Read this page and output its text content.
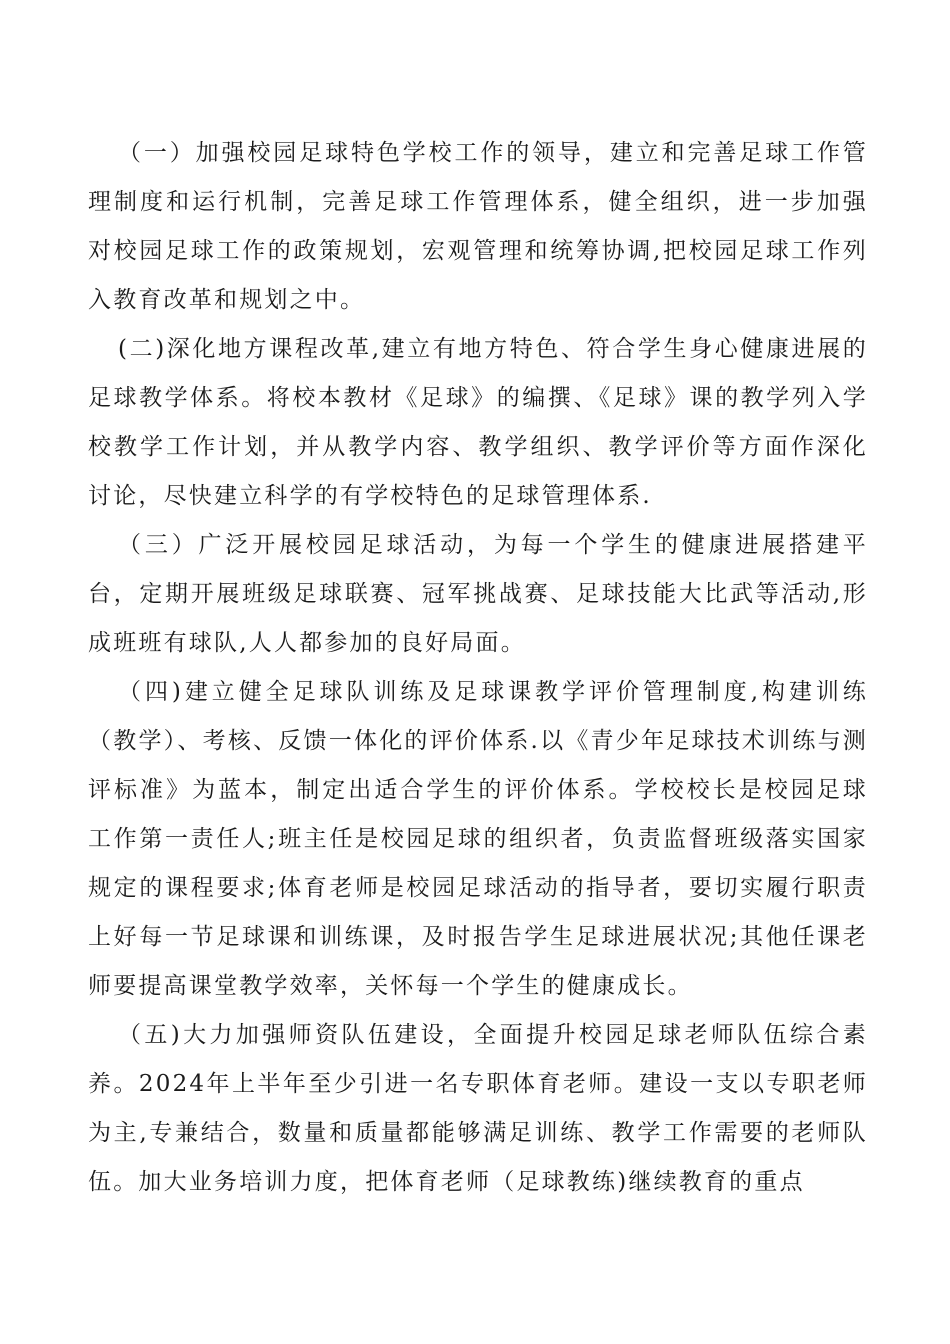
（一）加强校园足球特色学校工作的领导，建立和完善足球工作管理制度和运行机制，完善足球工作管理体系，健全组织，进一步加强对校园足球工作的政策规划，宏观管理和统筹协调,把校园足球工作列入教育改革和规划之中。

(二)深化地方课程改革,建立有地方特色、符合学生身心健康进展的足球教学体系。将校本教材《足球》的编撰、《足球》课的教学列入学校教学工作计划，并从教学内容、教学组织、教学评价等方面作深化讨论，尽快建立科学的有学校特色的足球管理体系.

（三）广泛开展校园足球活动，为每一个学生的健康进展搭建平台，定期开展班级足球联赛、冠军挑战赛、足球技能大比武等活动,形成班班有球队,人人都参加的良好局面。

（四)建立健全足球队训练及足球课教学评价管理制度,构建训练（教学）、考核、反馈一体化的评价体系.以《青少年足球技术训练与测评标准》为蓝本，制定出适合学生的评价体系。学校校长是校园足球工作第一责任人;班主任是校园足球的组织者，负责监督班级落实国家规定的课程要求;体育老师是校园足球活动的指导者，要切实履行职责上好每一节足球课和训练课，及时报告学生足球进展状况;其他任课老师要提高课堂教学效率，关怀每一个学生的健康成长。

（五)大力加强师资队伍建设，全面提升校园足球老师队伍综合素养。2024年上半年至少引进一名专职体育老师。建设一支以专职老师为主,专兼结合，数量和质量都能够满足训练、教学工作需要的老师队伍。加大业务培训力度，把体育老师（足球教练)继续教育的重点
